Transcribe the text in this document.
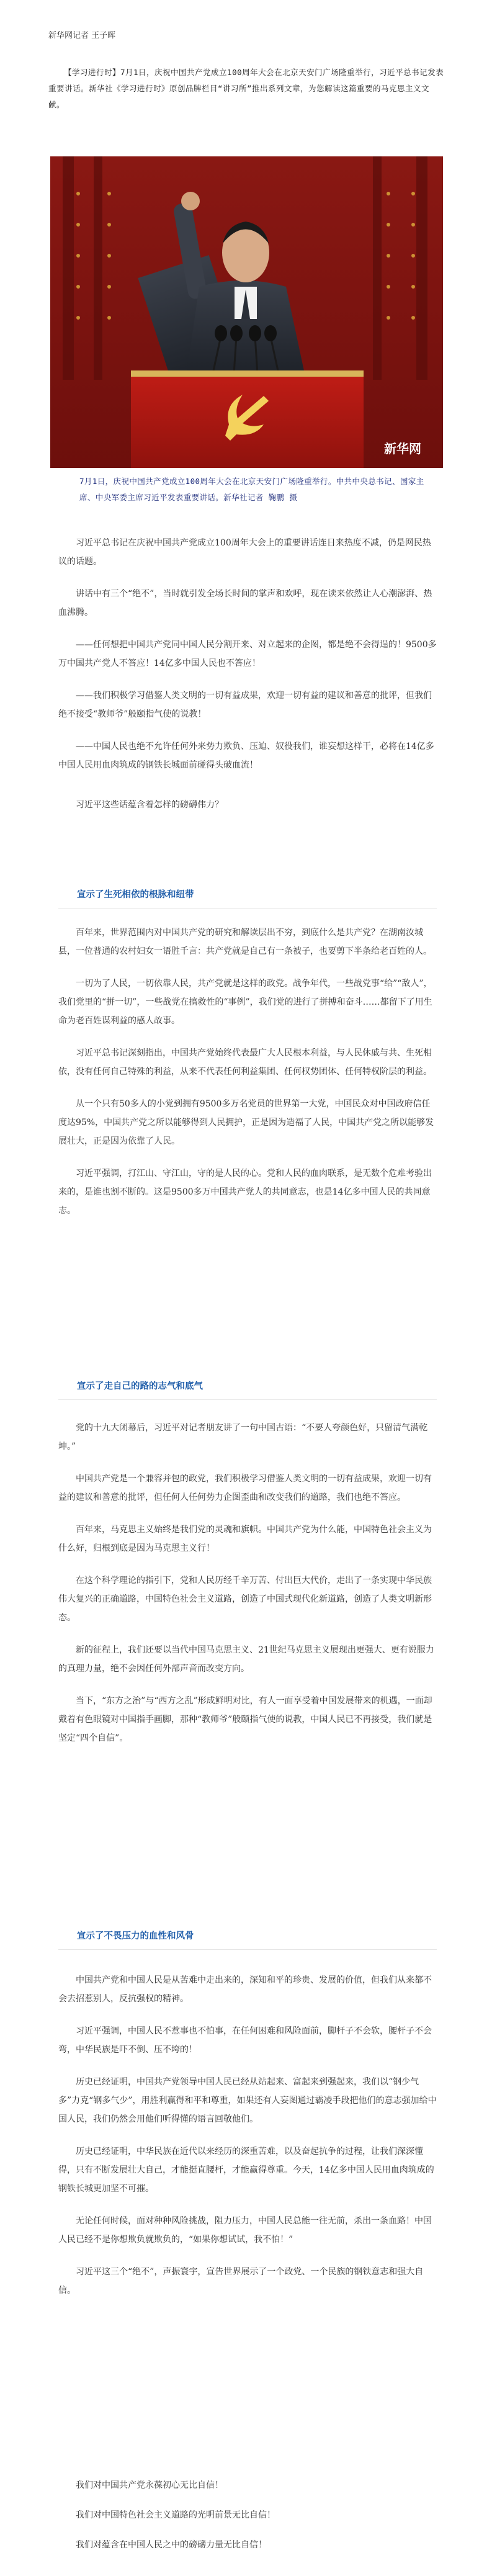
新华网记者 王子晖

【学习进行时】7月1日，庆祝中国共产党成立100周年大会在北京天安门广场隆重举行，习近平总书记发表重要讲话。新华社《学习进行时》原创品牌栏目“讲习所”推出系列文章，为您解读这篇重要的马克思主义文献。

新华网

7月1日，庆祝中国共产党成立100周年大会在北京天安门广场隆重举行。中共中央总书记、国家主席、中央军委主席习近平发表重要讲话。新华社记者 鞠鹏 摄

习近平总书记在庆祝中国共产党成立100周年大会上的重要讲话连日来热度不减，仍是网民热议的话题。

讲话中有三个“绝不”，当时就引发全场长时间的掌声和欢呼，现在读来依然让人心潮澎湃、热血沸腾。

——任何想把中国共产党同中国人民分割开来、对立起来的企图，都是绝不会得逞的！9500多万中国共产党人不答应！14亿多中国人民也不答应！

——我们积极学习借鉴人类文明的一切有益成果，欢迎一切有益的建议和善意的批评，但我们绝不接受“教师爷”般颐指气使的说教！

——中国人民也绝不允许任何外来势力欺负、压迫、奴役我们，谁妄想这样干，必将在14亿多中国人民用血肉筑成的钢铁长城面前碰得头破血流！

习近平这些话蕴含着怎样的磅礴伟力？

宣示了生死相依的根脉和纽带

百年来，世界范围内对中国共产党的研究和解读层出不穷，到底什么是共产党？在湖南汝城县，一位普通的农村妇女一语胜千言：共产党就是自己有一条被子，也要剪下半条给老百姓的人。

一切为了人民，一切依靠人民，共产党就是这样的政党。战争年代，一些战党事“给”“敌人”，我们党里的“拼一切”，一些战党在搞救性的“事例”，我们党的进行了拼搏和奋斗……都留下了用生命为老百姓谋利益的感人故事。

习近平总书记深刻指出，中国共产党始终代表最广大人民根本利益，与人民休戚与共、生死相依，没有任何自己特殊的利益，从来不代表任何利益集团、任何权势团体、任何特权阶层的利益。

从一个只有50多人的小党到拥有9500多万名党员的世界第一大党，中国民众对中国政府信任度达95%，中国共产党之所以能够得到人民拥护，正是因为造福了人民，中国共产党之所以能够发展壮大，正是因为依靠了人民。

习近平强调，打江山、守江山，守的是人民的心。党和人民的血肉联系，是无数个危难考验出来的，是谁也割不断的。这是9500多万中国共产党人的共同意志，也是14亿多中国人民的共同意志。

宣示了走自己的路的志气和底气

党的十九大闭幕后，习近平对记者朋友讲了一句中国古语：“不要人夸颜色好，只留清气满乾坤。”

中国共产党是一个兼容并包的政党，我们积极学习借鉴人类文明的一切有益成果，欢迎一切有益的建议和善意的批评，但任何人任何势力企图歪曲和改变我们的道路，我们也绝不答应。

百年来，马克思主义始终是我们党的灵魂和旗帜。中国共产党为什么能，中国特色社会主义为什么好，归根到底是因为马克思主义行！

在这个科学理论的指引下，党和人民历经千辛万苦、付出巨大代价，走出了一条实现中华民族伟大复兴的正确道路，中国特色社会主义道路，创造了中国式现代化新道路，创造了人类文明新形态。

新的征程上，我们还要以当代中国马克思主义、21世纪马克思主义展现出更强大、更有说服力的真理力量，绝不会因任何外部声音而改变方向。

当下，“东方之治”与“西方之乱”形成鲜明对比，有人一面享受着中国发展带来的机遇，一面却戴着有色眼镜对中国指手画脚，那种“教师爷”般颐指气使的说教，中国人民已不再接受，我们就是坚定“四个自信”。

宣示了不畏压力的血性和风骨

中国共产党和中国人民是从苦难中走出来的，深知和平的珍贵、发展的价值，但我们从来都不会去招惹别人，反抗强权的精神。

习近平强调，中国人民不惹事也不怕事，在任何困难和风险面前，脚杆子不会软，腰杆子不会弯，中华民族是吓不倒、压不垮的！

历史已经证明，中国共产党领导中国人民已经从站起来、富起来到强起来，我们以“钢少气多”力克“钢多气少”，用胜利赢得和平和尊重，如果还有人妄图通过霸凌手段把他们的意志强加给中国人民，我们仍然会用他们听得懂的语言回敬他们。

历史已经证明，中华民族在近代以来经历的深重苦难，以及奋起抗争的过程，让我们深深懂得，只有不断发展壮大自己，才能挺直腰杆，才能赢得尊重。今天，14亿多中国人民用血肉筑成的钢铁长城更加坚不可摧。

无论任何时候，面对种种风险挑战，阻力压力，中国人民总能一往无前，杀出一条血路！中国人民已经不是你想欺负就欺负的，“如果你想试试，我不怕！”

习近平这三个“绝不”，声振寰宇，宣告世界展示了一个政党、一个民族的钢铁意志和强大自信。

我们对中国共产党永葆初心无比自信！

我们对中国特色社会主义道路的光明前景无比自信！

我们对蕴含在中国人民之中的磅礴力量无比自信！
